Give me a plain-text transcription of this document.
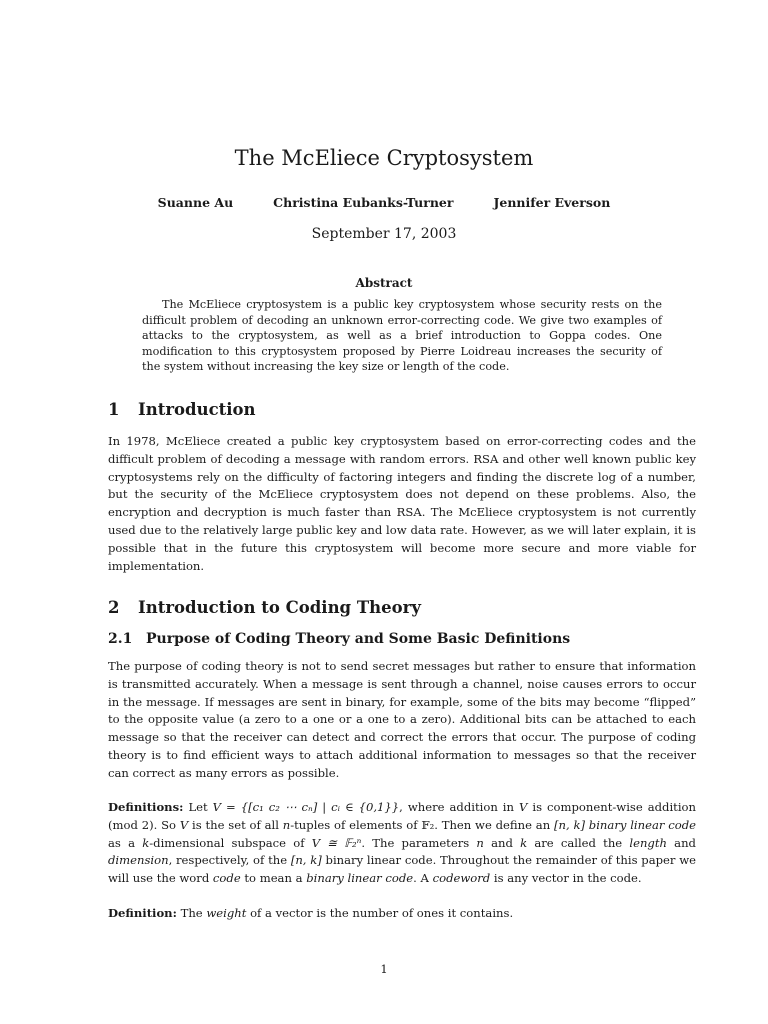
The McEliece Cryptosystem
Suanne Au	Christina Eubanks-Turner	Jennifer Everson
September 17, 2003
Abstract

The McEliece cryptosystem is a public key cryptosystem whose security rests on the difficult problem of decoding an unknown error-correcting code. We give two examples of attacks to the cryptosystem, as well as a brief introduction to Goppa codes. One modification to this cryptosystem proposed by Pierre Loidreau increases the security of the system without increasing the key size or length of the code.

1 Introduction

In 1978, McEliece created a public key cryptosystem based on error-correcting codes and the difficult problem of decoding a message with random errors. RSA and other well known public key cryptosystems rely on the difficulty of factoring integers and finding the discrete log of a number, but the security of the McEliece cryptosystem does not depend on these problems. Also, the encryption and decryption is much faster than RSA. The McEliece cryptosystem is not currently used due to the relatively large public key and low data rate. However, as we will later explain, it is possible that in the future this cryptosystem will become more secure and more viable for implementation.

2 Introduction to Coding Theory
2.1 Purpose of Coding Theory and Some Basic Definitions

The purpose of coding theory is not to send secret messages but rather to ensure that information is transmitted accurately. When a message is sent through a channel, noise causes errors to occur in the message. If messages are sent in binary, for example, some of the bits may become “flipped” to the opposite value (a zero to a one or a one to a zero). Additional bits can be attached to each message so that the receiver can detect and correct the errors that occur. The purpose of coding theory is to find efficient ways to attach additional information to messages so that the receiver can correct as many errors as possible.

Definitions: Let V = {[c₁ c₂ ⋯ cₙ] | cᵢ ∈ {0,1}}, where addition in V is component-wise addition (mod 2). So V is the set of all n-tuples of elements of 𝔽₂. Then we define an [n, k] binary linear code as a k-dimensional subspace of V ≅ 𝔽₂ⁿ. The parameters n and k are called the length and dimension, respectively, of the [n, k] binary linear code. Throughout the remainder of this paper we will use the word code to mean a binary linear code. A codeword is any vector in the code.

Definition: The weight of a vector is the number of ones it contains.

1
